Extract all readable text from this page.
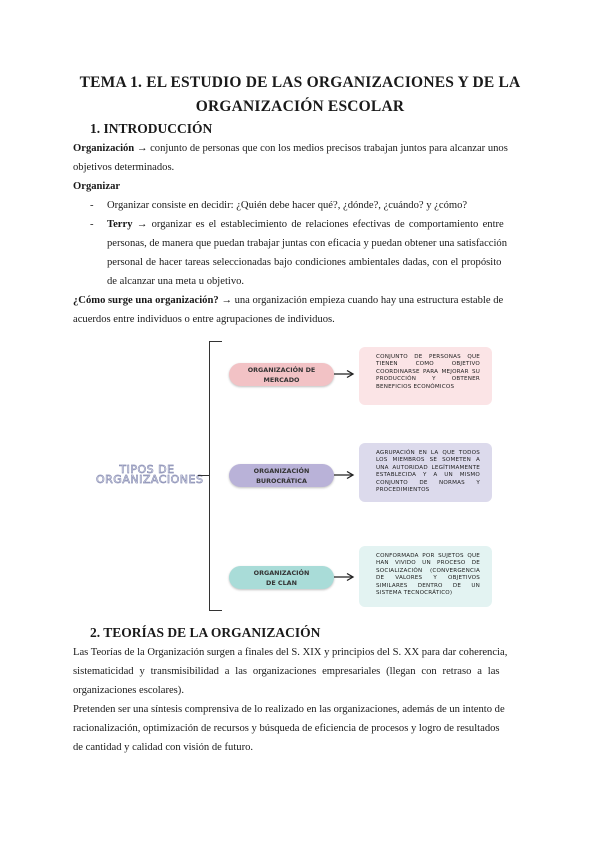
TEMA 1. EL ESTUDIO DE LAS ORGANIZACIONES Y DE LA
ORGANIZACIÓN ESCOLAR
1. INTRODUCCIÓN
Organización → conjunto de personas que con los medios precisos trabajan juntos para alcanzar unos
objetivos determinados.
Organizar
- Organizar consiste en decidir: ¿Quién debe hacer qué?, ¿dónde?, ¿cuándo? y ¿cómo?
- Terry → organizar es el establecimiento de relaciones efectivas de comportamiento entre
personas, de manera que puedan trabajar juntas con eficacia y puedan obtener una satisfacción
personal de hacer tareas seleccionadas bajo condiciones ambientales dadas, con el propósito
de alcanzar una meta u objetivo.
¿Cómo surge una organización? → una organización empieza cuando hay una estructura estable de
acuerdos entre individuos o entre agrupaciones de individuos.
TIPOS DE
ORGANIZACIONES
ORGANIZACIÓN DE
MERCADO
CONJUNTO DE PERSONAS QUE TIENEN COMO OBJETIVO COORDINARSE PARA MEJORAR SU PRODUCCIÓN Y OBTENER BENEFICIOS ECONÓMICOS
ORGANIZACIÓN
BUROCRÁTICA
AGRUPACIÓN EN LA QUE TODOS LOS MIEMBROS SE SOMETEN A UNA AUTORIDAD LEGÍTIMAMENTE ESTABLECIDA Y A UN MISMO CONJUNTO DE NORMAS Y PROCEDIMIENTOS
ORGANIZACIÓN
DE CLAN
CONFORMADA POR SUJETOS QUE HAN VIVIDO UN PROCESO DE SOCIALIZACIÓN (CONVERGENCIA DE VALORES Y OBJETIVOS SIMILARES DENTRO DE UN SISTEMA TECNOCRÁTICO)
2. TEORÍAS DE LA ORGANIZACIÓN
Las Teorías de la Organización surgen a finales del S. XIX y principios del S. XX para dar coherencia,
sistematicidad y transmisibilidad a las organizaciones empresariales (llegan con retraso a las
organizaciones escolares).
Pretenden ser una síntesis comprensiva de lo realizado en las organizaciones, además de un intento de
racionalización, optimización de recursos y búsqueda de eficiencia de procesos y logro de resultados
de cantidad y calidad con visión de futuro.
